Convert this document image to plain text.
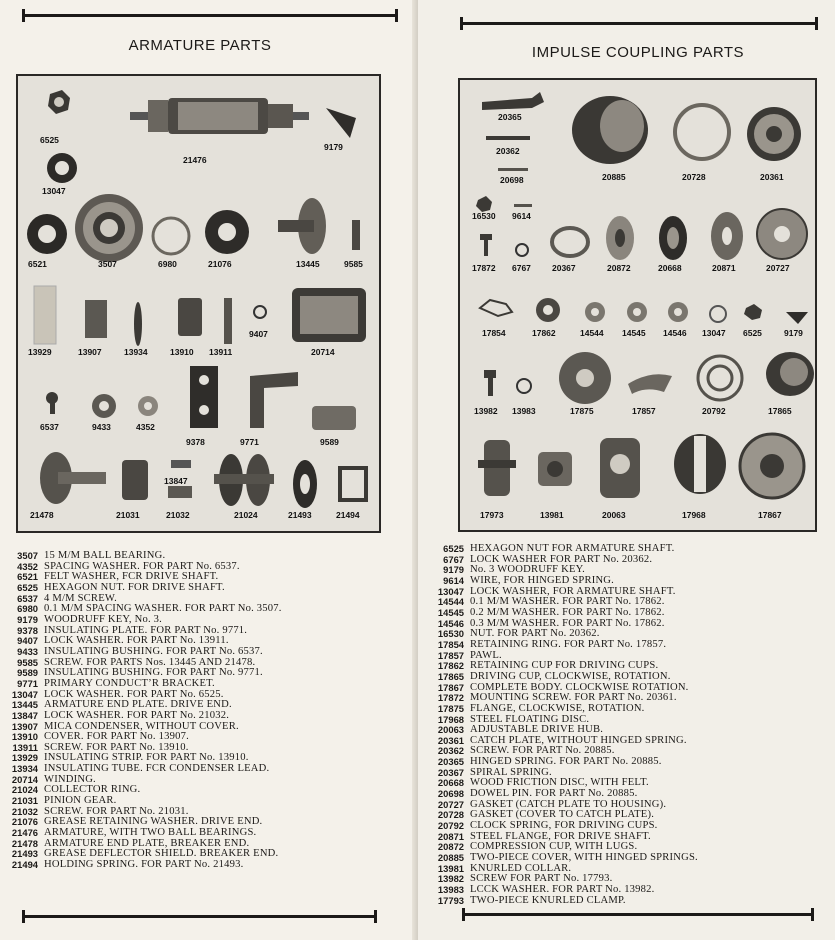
ARMATURE PARTS
6525
21476
9179
13047
6521	3507	6980	21076	13445	9585
13929	13907	13934	13910 13911
9407
20714
6537	9433	4352
9378	9771	9589
13847
21478	21031	21032	21024	21493	21494
3507 15 M/M BALL BEARING.
4352 SPACING WASHER. FOR PART No. 6537.
6521 FELT WASHER, FCR DRIVE SHAFT.
6525 HEXAGON NUT. FOR DRIVE SHAFT.
6537 4 M/M SCREW.
6980 0.1 M/M SPACING WASHER. FOR PART No. 3507.
9179 WOODRUFF KEY, No. 3.
9378 INSULATING PLATE. FOR PART No. 9771.
9407 LOCK WASHER. FOR PART No. 13911.
9433 INSULATING BUSHING. FOR PART No. 6537.
9585 SCREW. FOR PARTS Nos. 13445 AND 21478.
9589 INSULATING BUSHING. FOR PART No. 9771.
9771 PRIMARY CONDUCT’R BRACKET.
13047 LOCK WASHER. FOR PART No. 6525.
13445 ARMATURE END PLATE. DRIVE END.
13847 LOCK WASHER. FOR PART No. 21032.
13907 MICA CONDENSER, WITHOUT COVER.
13910 COVER. FOR PART No. 13907.
13911 SCREW. FOR PART No. 13910.
13929 INSULATING STRIP. FOR PART No. 13910.
13934 INSULATING TUBE. FCR CONDENSER LEAD.
20714 WINDING.
21024 COLLECTOR RING.
21031 PINION GEAR.
21032 SCREW. FOR PART No. 21031.
21076 GREASE RETAINING WASHER. DRIVE END.
21476 ARMATURE, WITH TWO BALL BEARINGS.
21478 ARMATURE END PLATE, BREAKER END.
21493 GREASE DEFLECTOR SHIELD. BREAKER END.
21494 HOLDING SPRING. FOR PART No. 21493.
IMPULSE COUPLING PARTS
20365
20362
20698	20885	20728	20361
16530 9614
17872 6767 20367	20872	20668	20871	20727
17854	17862	14544 14545 14546 13047 6525	9179
13982 13983	17875	17857	20792	17865
17973	13981	20063	17968	17867
6525 HEXAGON NUT FOR ARMATURE SHAFT.
6767 LOCK WASHER FOR PART No. 20362.
9179 No. 3 WOODRUFF KEY.
9614 WIRE, FOR HINGED SPRING.
13047 LOCK WASHER, FOR ARMATURE SHAFT.
14544 0.1 M/M WASHER. FOR PART No. 17862.
14545 0.2 M/M WASHER. FOR PART No. 17862.
14546 0.3 M/M WASHER. FOR PART No. 17862.
16530 NUT. FOR PART No. 20362.
17854 RETAINING RING. FOR PART No. 17857.
17857 PAWL.
17862 RETAINING CUP FOR DRIVING CUPS.
17865 DRIVING CUP, CLOCKWISE, ROTATION.
17867 COMPLETE BODY. CLOCKWISE ROTATION.
17872 MOUNTING SCREW. FOR PART No. 20361.
17875 FLANGE, CLOCKWISE, ROTATION.
17968 STEEL FLOATING DISC.
20063 ADJUSTABLE DRIVE HUB.
20361 CATCH PLATE, WITHOUT HINGED SPRING.
20362 SCREW. FOR PART No. 20885.
20365 HINGED SPRING. FOR PART No. 20885.
20367 SPIRAL SPRING.
20668 WOOD FRICTION DISC, WITH FELT.
20698 DOWEL PIN. FOR PART No. 20885.
20727 GASKET (CATCH PLATE TO HOUSING).
20728 GASKET (COVER TO CATCH PLATE).
20792 CLOCK SPRING, FOR DRIVING CUPS.
20871 STEEL FLANGE, FOR DRIVE SHAFT.
20872 COMPRESSION CUP, WITH LUGS.
20885 TWO-PIECE COVER, WITH HINGED SPRINGS.
13981 KNURLED COLLAR.
13982 SCREW FOR PART No. 17793.
13983 LCCK WASHER. FOR PART No. 13982.
17793 TWO-PIECE KNURLED CLAMP.
